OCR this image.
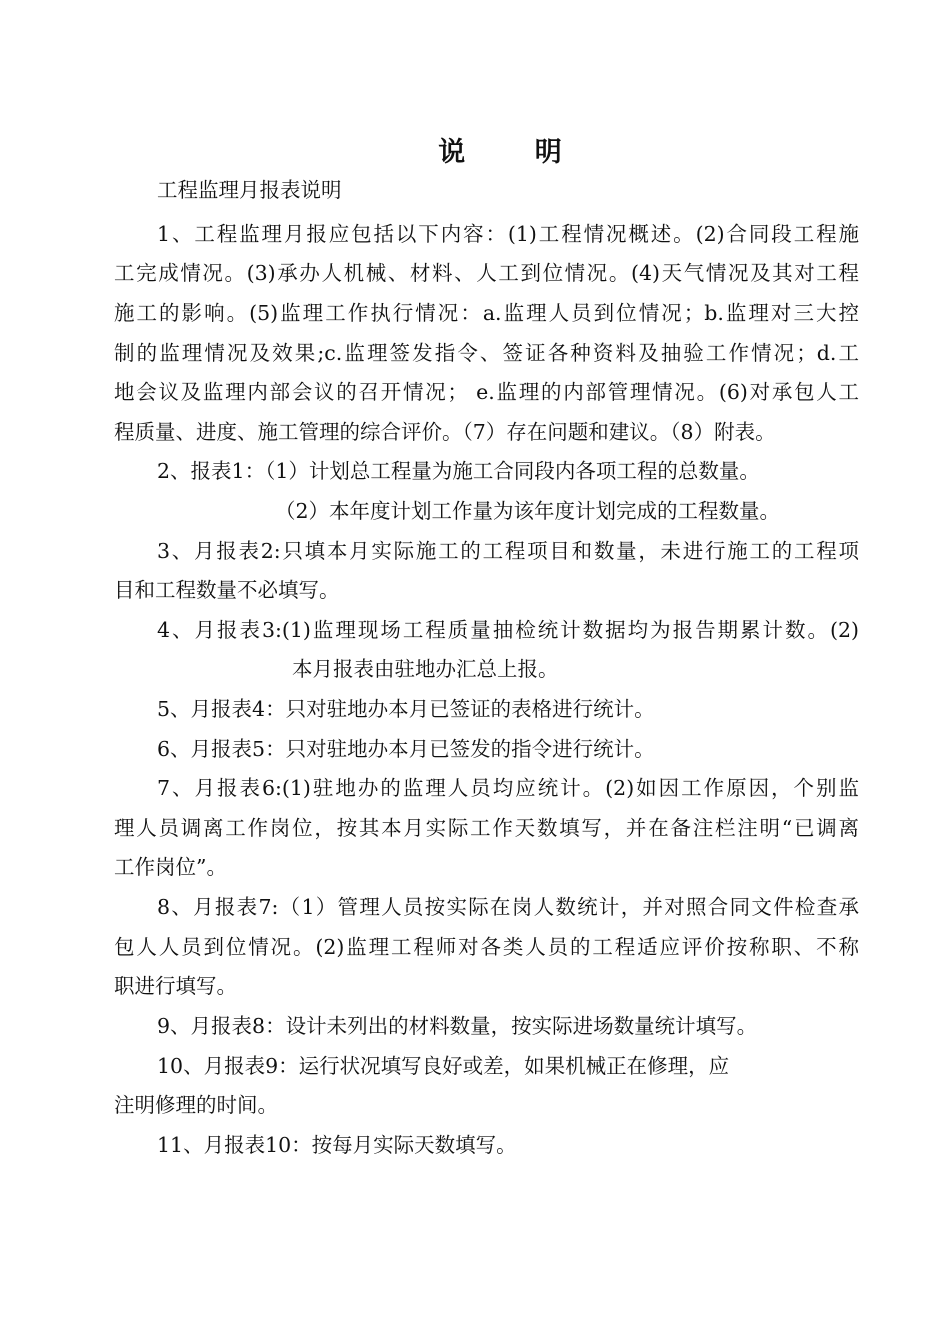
说 明

工程监理月报表说明

1、工程监理月报应包括以下内容：(1)工程情况概述。(2)合同段工程施

工完成情况。(3)承办人机械、材料、人工到位情况。(4)天气情况及其对工程

施工的影响。(5)监理工作执行情况：a.监理人员到位情况；b.监理对三大控

制的监理情况及效果;c.监理签发指令、签证各种资料及抽验工作情况；d.工

地会议及监理内部会议的召开情况； e.监理的内部管理情况。(6)对承包人工

程质量、进度、施工管理的综合评价。（7）存在问题和建议。（8）附表。

2、报表1：（1）计划总工程量为施工合同段内各项工程的总数量。

（2）本年度计划工作量为该年度计划完成的工程数量。

3、月报表2:只填本月实际施工的工程项目和数量，未进行施工的工程项

目和工程数量不必填写。

4、月报表3:(1)监理现场工程质量抽检统计数据均为报告期累计数。(2)

本月报表由驻地办汇总上报。

5、月报表4：只对驻地办本月已签证的表格进行统计。

6、月报表5：只对驻地办本月已签发的指令进行统计。

7、月报表6:(1)驻地办的监理人员均应统计。(2)如因工作原因，个别监

理人员调离工作岗位，按其本月实际工作天数填写，并在备注栏注明“已调离

工作岗位”。

8、月报表7:（1）管理人员按实际在岗人数统计，并对照合同文件检查承

包人人员到位情况。(2)监理工程师对各类人员的工程适应评价按称职、不称

职进行填写。

9、月报表8：设计未列出的材料数量，按实际进场数量统计填写。

10、月报表9：运行状况填写良好或差，如果机械正在修理，应

注明修理的时间。

11、月报表10：按每月实际天数填写。
